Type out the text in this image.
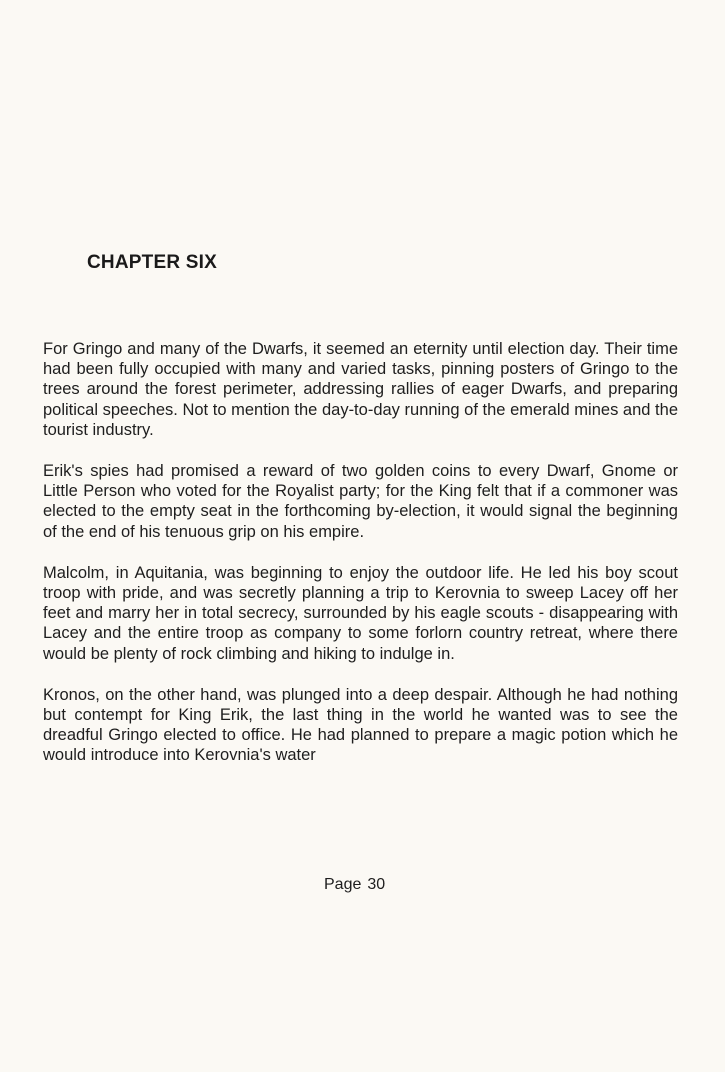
CHAPTER SIX

For Gringo and many of the Dwarfs, it seemed an eternity until election day. Their time had been fully occupied with many and varied tasks, pinning posters of Gringo to the trees around the forest perimeter, addressing rallies of eager Dwarfs, and preparing political speeches. Not to mention the day-to-day running of the emerald mines and the tourist industry.

Erik's spies had promised a reward of two golden coins to every Dwarf, Gnome or Little Person who voted for the Royalist party; for the King felt that if a commoner was elected to the empty seat in the forthcoming by-election, it would signal the beginning of the end of his tenuous grip on his empire.

Malcolm, in Aquitania, was beginning to enjoy the outdoor life. He led his boy scout troop with pride, and was secretly planning a trip to Kerovnia to sweep Lacey off her feet and marry her in total secrecy, surrounded by his eagle scouts - disappearing with Lacey and the entire troop as company to some forlorn country retreat, where there would be plenty of rock climbing and hiking to indulge in.

Kronos, on the other hand, was plunged into a deep despair. Although he had nothing but contempt for King Erik, the last thing in the world he wanted was to see the dreadful Gringo elected to office. He had planned to prepare a magic potion which he would introduce into Kerovnia's water

Page 30
